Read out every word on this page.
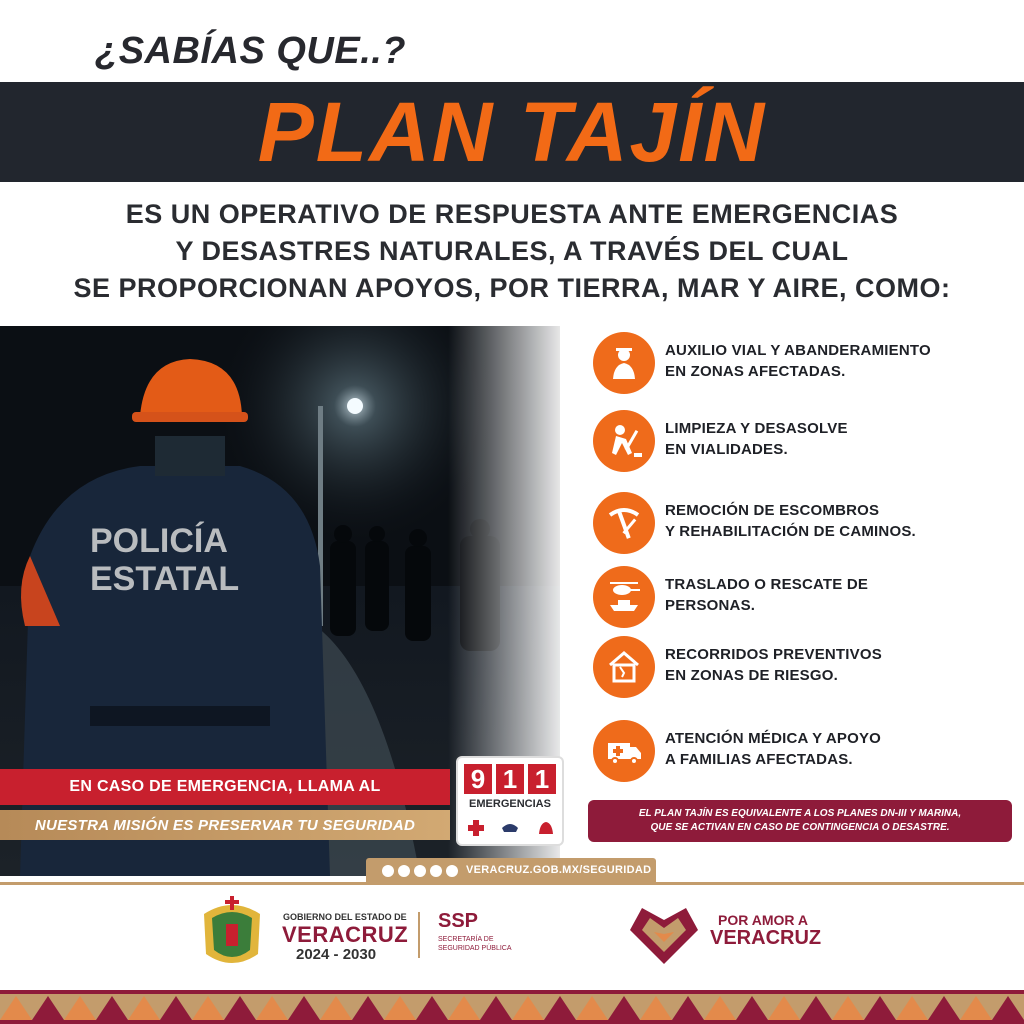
¿SABÍAS QUE..?
PLAN TAJÍN
ES UN OPERATIVO DE RESPUESTA ANTE EMERGENCIAS
Y DESASTRES NATURALES, A TRAVÉS DEL CUAL
SE PROPORCIONAN APOYOS, POR TIERRA, MAR Y AIRE, COMO:
EN CASO DE EMERGENCIA, LLAMA AL
NUESTRA MISIÓN ES PRESERVAR TU SEGURIDAD
9 1 1
EMERGENCIAS
AUXILIO VIAL Y ABANDERAMIENTO
EN ZONAS AFECTADAS.
LIMPIEZA Y DESASOLVE
EN VIALIDADES.
REMOCIÓN DE ESCOMBROS
Y REHABILITACIÓN DE CAMINOS.
TRASLADO O RESCATE DE
PERSONAS.
RECORRIDOS PREVENTIVOS
EN ZONAS DE RIESGO.
ATENCIÓN MÉDICA Y APOYO
A FAMILIAS AFECTADAS.
EL PLAN TAJÍN ES EQUIVALENTE A LOS PLANES DN-III Y MARINA,
QUE SE ACTIVAN EN CASO DE CONTINGENCIA O DESASTRE.
VERACRUZ.GOB.MX/SEGURIDAD
GOBIERNO DEL ESTADO DE
VERACRUZ
2024 - 2030
SSP
SECRETARÍA DE
SEGURIDAD PÚBLICA
POR AMOR A
VERACRUZ
